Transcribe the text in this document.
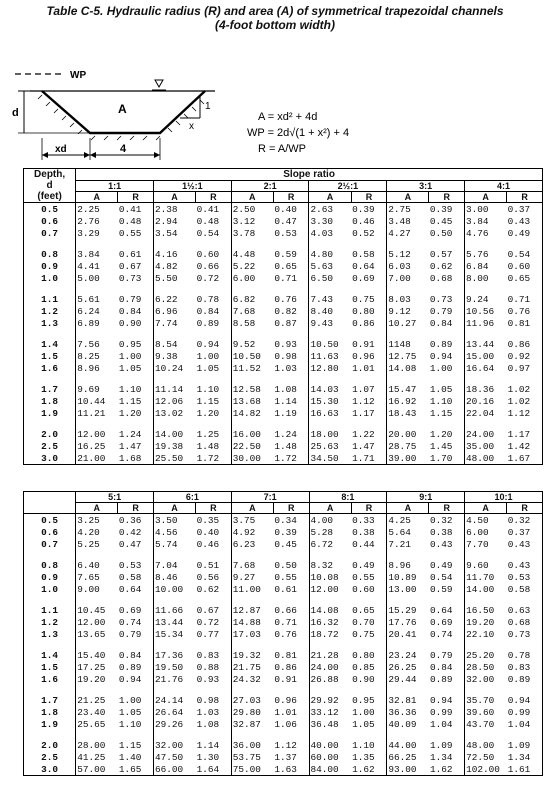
Table C-5. Hydraulic radius (R) and area (A) of symmetrical trapezoidal channels
(4-foot bottom width)
WP
A
d
1
x
xd	4
A = xd² + 4d
WP = 2d√(1 + x²) + 4
R = A/WP
Depth,
d
(feet)	Slope ratio											
	1:1		1½:1		2:1		2½:1		3:1		4:1	
	A	R	A	R	A	R	A	R	A	R	A	R
0.5	2.25	0.41	2.38	0.41	2.50	0.40	2.63	0.39	2.75	0.39	3.00	0.37
0.6	2.76	0.48	2.94	0.48	3.12	0.47	3.30	0.46	3.48	0.45	3.84	0.43
0.7	3.29	0.55	3.54	0.54	3.78	0.53	4.03	0.52	4.27	0.50	4.76	0.49

0.8	3.84	0.61	4.16	0.60	4.48	0.59	4.80	0.58	5.12	0.57	5.76	0.54
0.9	4.41	0.67	4.82	0.66	5.22	0.65	5.63	0.64	6.03	0.62	6.84	0.60
1.0	5.00	0.73	5.50	0.72	6.00	0.71	6.50	0.69	7.00	0.68	8.00	0.65

1.1	5.61	0.79	6.22	0.78	6.82	0.76	7.43	0.75	8.03	0.73	9.24	0.71
1.2	6.24	0.84	6.96	0.84	7.68	0.82	8.40	0.80	9.12	0.79	10.56	0.76
1.3	6.89	0.90	7.74	0.89	8.58	0.87	9.43	0.86	10.27	0.84	11.96	0.81

1.4	7.56	0.95	8.54	0.94	9.52	0.93	10.50	0.91	1148	0.89	13.44	0.86
1.5	8.25	1.00	9.38	1.00	10.50	0.98	11.63	0.96	12.75	0.94	15.00	0.92
1.6	8.96	1.05	10.24	1.05	11.52	1.03	12.80	1.01	14.08	1.00	16.64	0.97

1.7	9.69	1.10	11.14	1.10	12.58	1.08	14.03	1.07	15.47	1.05	18.36	1.02
1.8	10.44	1.15	12.06	1.15	13.68	1.14	15.30	1.12	16.92	1.10	20.16	1.02
1.9	11.21	1.20	13.02	1.20	14.82	1.19	16.63	1.17	18.43	1.15	22.04	1.12

2.0	12.00	1.24	14.00	1.25	16.00	1.24	18.00	1.22	20.00	1.20	24.00	1.17
2.5	16.25	1.47	19.38	1.48	22.50	1.48	25.63	1.47	28.75	1.45	35.00	1.42
3.0	21.00	1.68	25.50	1.72	30.00	1.72	34.50	1.71	39.00	1.70	48.00	1.67
	5:1		6:1		7:1		8:1		9:1		10:1	
	A	R	A	R	A	R	A	R	A	R	A	R
0.5	3.25	0.36	3.50	0.35	3.75	0.34	4.00	0.33	4.25	0.32	4.50	0.32
0.6	4.20	0.42	4.56	0.40	4.92	0.39	5.28	0.38	5.64	0.38	6.00	0.37
0.7	5.25	0.47	5.74	0.46	6.23	0.45	6.72	0.44	7.21	0.43	7.70	0.43

0.8	6.40	0.53	7.04	0.51	7.68	0.50	8.32	0.49	8.96	0.49	9.60	0.43
0.9	7.65	0.58	8.46	0.56	9.27	0.55	10.08	0.55	10.89	0.54	11.70	0.53
1.0	9.00	0.64	10.00	0.62	11.00	0.61	12.00	0.60	13.00	0.59	14.00	0.58

1.1	10.45	0.69	11.66	0.67	12.87	0.66	14.08	0.65	15.29	0.64	16.50	0.63
1.2	12.00	0.74	13.44	0.72	14.88	0.71	16.32	0.70	17.76	0.69	19.20	0.68
1.3	13.65	0.79	15.34	0.77	17.03	0.76	18.72	0.75	20.41	0.74	22.10	0.73

1.4	15.40	0.84	17.36	0.83	19.32	0.81	21.28	0.80	23.24	0.79	25.20	0.78
1.5	17.25	0.89	19.50	0.88	21.75	0.86	24.00	0.85	26.25	0.84	28.50	0.83
1.6	19.20	0.94	21.76	0.93	24.32	0.91	26.88	0.90	29.44	0.89	32.00	0.89

1.7	21.25	1.00	24.14	0.98	27.03	0.96	29.92	0.95	32.81	0.94	35.70	0.94
1.8	23.40	1.05	26.64	1.03	29.80	1.01	33.12	1.00	36.36	0.99	39.60	0.99
1.9	25.65	1.10	29.26	1.08	32.87	1.06	36.48	1.05	40.09	1.04	43.70	1.04

2.0	28.00	1.15	32.00	1.14	36.00	1.12	40.00	1.10	44.00	1.09	48.00	1.09
2.5	41.25	1.40	47.50	1.30	53.75	1.37	60.00	1.35	66.25	1.34	72.50	1.34
3.0	57.00	1.65	66.00	1.64	75.00	1.63	84.00	1.62	93.00	1.62	102.00	1.61
